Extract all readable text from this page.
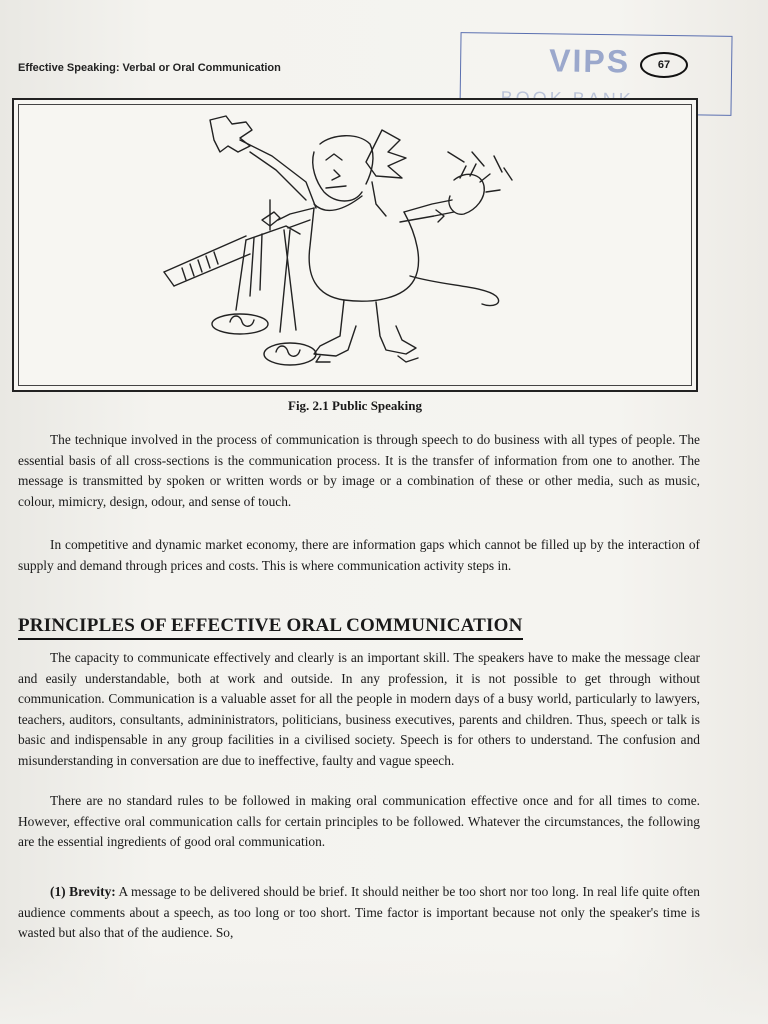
Effective Speaking: Verbal or Oral Communication	VIPS	67
Fig. 2.1 Public Speaking

The technique involved in the process of communication is through speech to do business with all types of people. The essential basis of all cross-sections is the communication process. It is the transfer of information from one to another. The message is transmitted by spoken or written words or by image or a combination of these or other media, such as music, colour, mimicry, design, odour, and sense of touch.

In competitive and dynamic market economy, there are information gaps which cannot be filled up by the interaction of supply and demand through prices and costs. This is where communication activity steps in.

PRINCIPLES OF EFFECTIVE ORAL COMMUNICATION

The capacity to communicate effectively and clearly is an important skill. The speakers have to make the message clear and easily understandable, both at work and outside. In any profession, it is not possible to get through without communication. Communication is a valuable asset for all the people in modern days of a busy world, particularly to lawyers, teachers, auditors, consultants, admininistrators, politicians, business executives, parents and children. Thus, speech or talk is basic and indispensable in any group facilities in a civilised society. Speech is for others to understand. The confusion and misunderstanding in conversation are due to ineffective, faulty and vague speech.

There are no standard rules to be followed in making oral communication effective once and for all times to come. However, effective oral communication calls for certain principles to be followed. Whatever the circumstances, the following are the essential ingredients of good oral communication.

(1) Brevity: A message to be delivered should be brief. It should neither be too short nor too long. In real life quite often audience comments about a speech, as too long or too short. Time factor is important because not only the speaker's time is wasted but also that of the audience. So,
